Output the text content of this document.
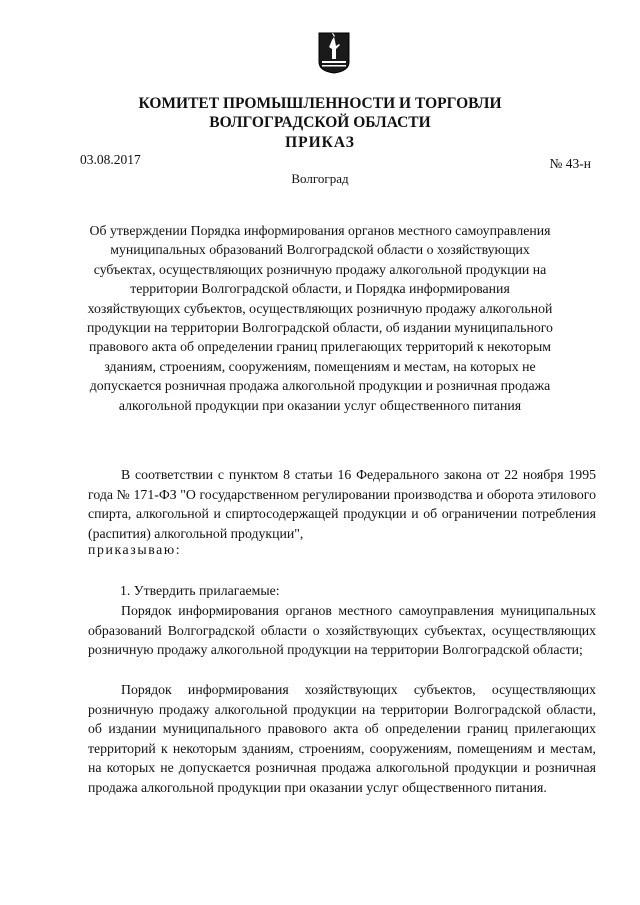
КОМИТЕТ ПРОМЫШЛЕННОСТИ И ТОРГОВЛИ

ВОЛГОГРАДСКОЙ ОБЛАСТИ

ПРИКАЗ

03.08.2017	№ 43-н
Волгоград

Об утверждении Порядка информирования органов местного самоуправления
муниципальных образований Волгоградской области о хозяйствующих
субъектах, осуществляющих розничную продажу алкогольной продукции на
территории Волгоградской области, и Порядка информирования
хозяйствующих субъектов, осуществляющих розничную продажу алкогольной
продукции на территории Волгоградской области, об издании муниципального
правового акта об определении границ прилегающих территорий к некоторым
зданиям, строениям, сооружениям, помещениям и местам, на которых не
допускается розничная продажа алкогольной продукции и розничная продажа
алкогольной продукции при оказании услуг общественного питания

В соответствии с пунктом 8 статьи 16 Федерального закона от 22 ноября 1995 года № 171-ФЗ "О государственном регулировании производства и оборота этилового спирта, алкогольной и спиртосодержащей продукции и об ограничении потребления (распития) алкогольной продукции",

приказываю:
1. Утвердить прилагаемые:

Порядок информирования органов местного самоуправления муниципальных образований Волгоградской области о хозяйствующих субъектах, осуществляющих розничную продажу алкогольной продукции на территории Волгоградской области;

Порядок информирования хозяйствующих субъектов, осуществляющих розничную продажу алкогольной продукции на территории Волгоградской области, об издании муниципального правового акта об определении границ прилегающих территорий к некоторым зданиям, строениям, сооружениям, помещениям и местам, на которых не допускается розничная продажа алкогольной продукции и розничная продажа алкогольной продукции при оказании услуг общественного питания.
